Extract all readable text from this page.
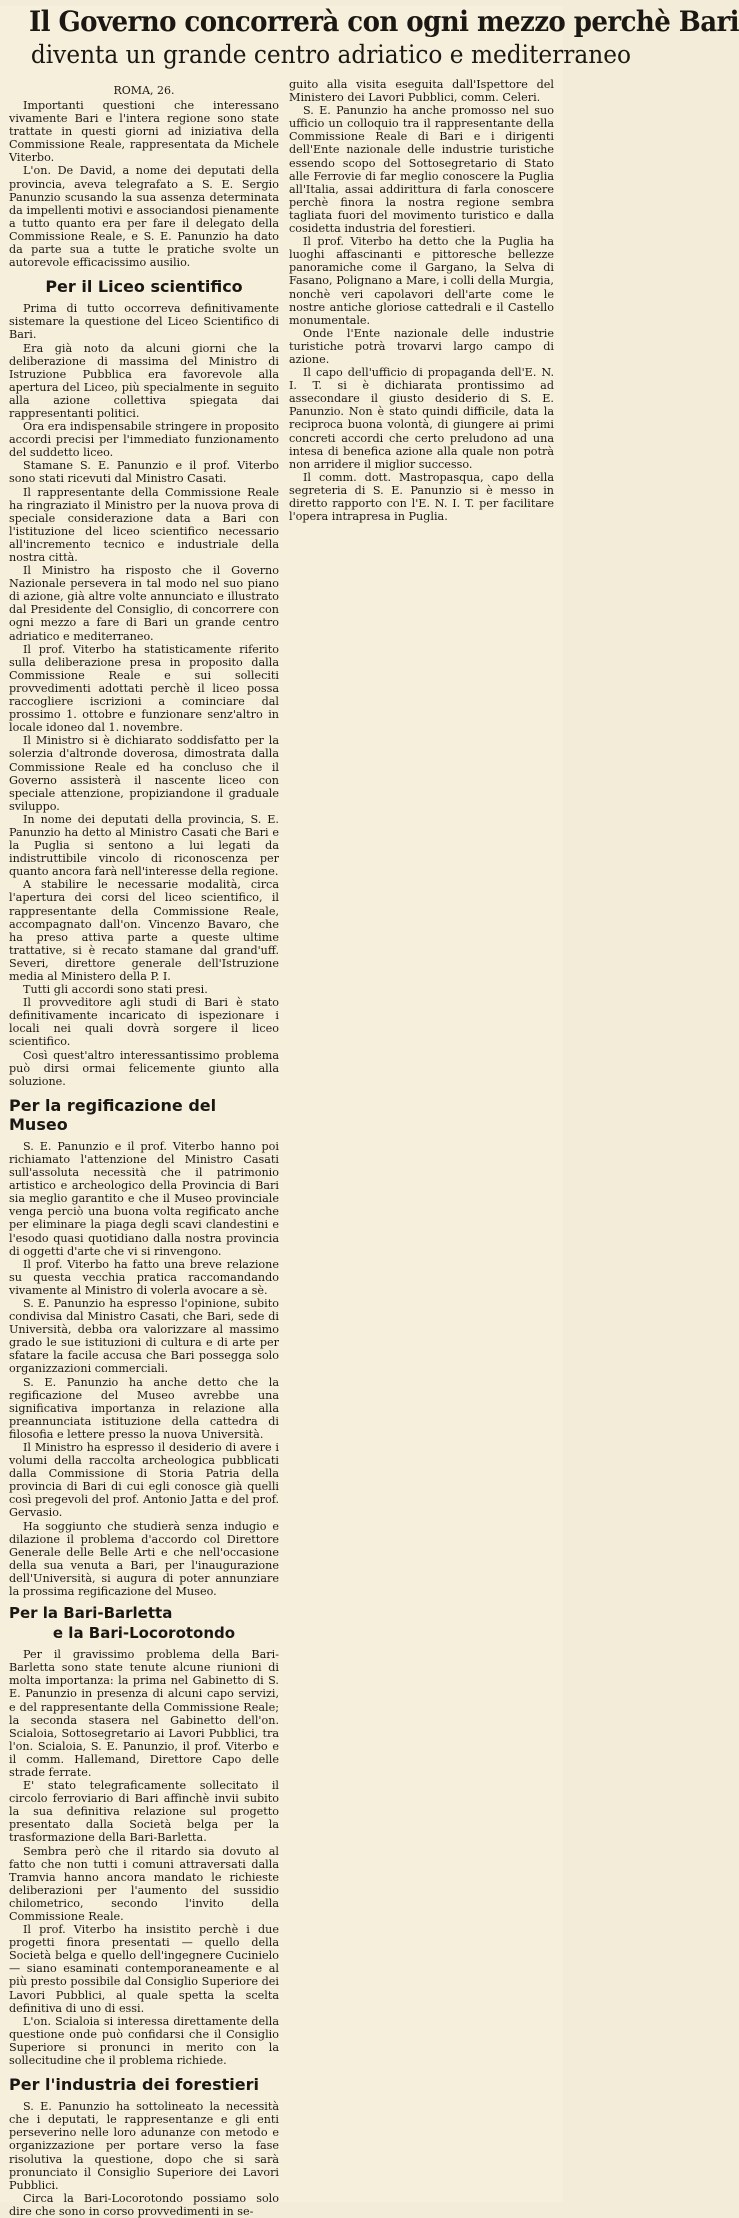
Il Governo concorrerà con ogni mezzo perchè Bari
diventa un grande centro adriatico e mediterraneo
ROMA, 26.

Importanti questioni che interessano vivamente Bari e l'intera regione sono state trattate in questi giorni ad iniziativa della Commissione Reale, rappresentata da Michele Viterbo.

L'on. De David, a nome dei deputati della provincia, aveva telegrafato a S. E. Sergio Panunzio scusando la sua assenza determinata da impellenti motivi e associandosi pienamente a tutto quanto era per fare il delegato della Commissione Reale, e S. E. Panunzio ha dato da parte sua a tutte le pratiche svolte un autorevole efficacissimo ausilio.

Per il Liceo scientifico

Prima di tutto occorreva definitivamente sistemare la questione del Liceo Scientifico di Bari.

Era già noto da alcuni giorni che la deliberazione di massima del Ministro di Istruzione Pubblica era favorevole alla apertura del Liceo, più specialmente in seguito alla azione collettiva spiegata dai rappresentanti politici.

Ora era indispensabile stringere in proposito accordi precisi per l'immediato funzionamento del suddetto liceo.

Stamane S. E. Panunzio e il prof. Viterbo sono stati ricevuti dal Ministro Casati.

Il rappresentante della Commissione Reale ha ringraziato il Ministro per la nuova prova di speciale considerazione data a Bari con l'istituzione del liceo scientifico necessario all'incremento tecnico e industriale della nostra città.

Il Ministro ha risposto che il Governo Nazionale persevera in tal modo nel suo piano di azione, già altre volte annunciato e illustrato dal Presidente del Consiglio, di concorrere con ogni mezzo a fare di Bari un grande centro adriatico e mediterraneo.

Il prof. Viterbo ha statisticamente riferito sulla deliberazione presa in proposito dalla Commissione Reale e sui solleciti provvedimenti adottati perchè il liceo possa raccogliere iscrizioni a cominciare dal prossimo 1. ottobre e funzionare senz'altro in locale idoneo dal 1. novembre.

Il Ministro si è dichiarato soddisfatto per la solerzia d'altronde doverosa, dimostrata dalla Commissione Reale ed ha concluso che il Governo assisterà il nascente liceo con speciale attenzione, propiziandone il graduale sviluppo.

In nome dei deputati della provincia, S. E. Panunzio ha detto al Ministro Casati che Bari e la Puglia si sentono a lui legati da indistruttibile vincolo di riconoscenza per quanto ancora farà nell'interesse della regione.

A stabilire le necessarie modalità, circa l'apertura dei corsi del liceo scientifico, il rappresentante della Commissione Reale, accompagnato dall'on. Vincenzo Bavaro, che ha preso attiva parte a queste ultime trattative, si è recato stamane dal grand'uff. Severi, direttore generale dell'Istruzione media al Ministero della P. I.

Tutti gli accordi sono stati presi.

Il provveditore agli studi di Bari è stato definitivamente incaricato di ispezionare i locali nei quali dovrà sorgere il liceo scientifico.

Così quest'altro interessantissimo problema può dirsi ormai felicemente giunto alla soluzione.

Per la regificazione del Museo

S. E. Panunzio e il prof. Viterbo hanno poi richiamato l'attenzione del Ministro Casati sull'assoluta necessità che il patrimonio artistico e archeologico della Provincia di Bari sia meglio garantito e che il Museo provinciale venga perciò una buona volta regificato anche per eliminare la piaga degli scavi clandestini e l'esodo quasi quotidiano dalla nostra provincia di oggetti d'arte che vi si rinvengono.

Il prof. Viterbo ha fatto una breve relazione su questa vecchia pratica raccomandando vivamente al Ministro di volerla avocare a sè.

S. E. Panunzio ha espresso l'opinione, subito condivisa dal Ministro Casati, che Bari, sede di Università, debba ora valorizzare al massimo grado le sue istituzioni di cultura e di arte per sfatare la facile accusa che Bari possegga solo organizzazioni commerciali.

S. E. Panunzio ha anche detto che la regificazione del Museo avrebbe una significativa importanza in relazione alla preannunciata istituzione della cattedra di filosofia e lettere presso la nuova Università.

Il Ministro ha espresso il desiderio di avere i volumi della raccolta archeologica pubblicati dalla Commissione di Storia Patria della provincia di Bari di cui egli conosce già quelli così pregevoli del prof. Antonio Jatta e del prof. Gervasio.

Ha soggiunto che studierà senza indugio e dilazione il problema d'accordo col Direttore Generale delle Belle Arti e che nell'occasione della sua venuta a Bari, per l'inaugurazione dell'Università, si augura di poter annunziare la prossima regificazione del Museo.

Per la Bari-Barletta
e la Bari-Locorotondo

Per il gravissimo problema della Bari-Barletta sono state tenute alcune riunioni di molta importanza: la prima nel Gabinetto di S. E. Panunzio in presenza di alcuni capo servizi, e del rappresentante della Commissione Reale; la seconda stasera nel Gabinetto dell'on. Scialoia, Sottosegretario ai Lavori Pubblici, tra l'on. Scialoia, S. E. Panunzio, il prof. Viterbo e il comm. Hallemand, Direttore Capo delle strade ferrate.

E' stato telegraficamente sollecitato il circolo ferroviario di Bari affinchè invii subito la sua definitiva relazione sul progetto presentato dalla Società belga per la trasformazione della Bari-Barletta.

Sembra però che il ritardo sia dovuto al fatto che non tutti i comuni attraversati dalla Tramvia hanno ancora mandato le richieste deliberazioni per l'aumento del sussidio chilometrico, secondo l'invito della Commissione Reale.

Il prof. Viterbo ha insistito perchè i due progetti finora presentati — quello della Società belga e quello dell'ingegnere Cucinielo — siano esaminati contemporaneamente e al più presto possibile dal Consiglio Superiore dei Lavori Pubblici, al quale spetta la scelta definitiva di uno di essi.

L'on. Scialoia si interessa direttamente della questione onde può confidarsi che il Consiglio Superiore si pronunci in merito con la sollecitudine che il problema richiede.

Per l'industria dei forestieri

S. E. Panunzio ha sottolineato la necessità che i deputati, le rappresentanze e gli enti perseverino nelle loro adunanze con metodo e organizzazione per portare verso la fase risolutiva la questione, dopo che si sarà pronunciato il Consiglio Superiore dei Lavori Pubblici.

Circa la Bari-Locorotondo possiamo solo dire che sono in corso provvedimenti in se-

guito alla visita eseguita dall'Ispettore del Ministero dei Lavori Pubblici, comm. Celeri.

S. E. Panunzio ha anche promosso nel suo ufficio un colloquio tra il rappresentante della Commissione Reale di Bari e i dirigenti dell'Ente nazionale delle industrie turistiche essendo scopo del Sottosegretario di Stato alle Ferrovie di far meglio conoscere la Puglia all'Italia, assai addirittura di farla conoscere perchè finora la nostra regione sembra tagliata fuori del movimento turistico e dalla cosidetta industria del forestieri.

Il prof. Viterbo ha detto che la Puglia ha luoghi affascinanti e pittoresche bellezze panoramiche come il Gargano, la Selva di Fasano, Polignano a Mare, i colli della Murgia, nonchè veri capolavori dell'arte come le nostre antiche gloriose cattedrali e il Castello monumentale.

Onde l'Ente nazionale delle industrie turistiche potrà trovarvi largo campo di azione.

Il capo dell'ufficio di propaganda dell'E. N. I. T. si è dichiarata prontissimo ad assecondare il giusto desiderio di S. E. Panunzio. Non è stato quindi difficile, data la reciproca buona volontà, di giungere ai primi concreti accordi che certo preludono ad una intesa di benefica azione alla quale non potrà non arridere il miglior successo.

Il comm. dott. Mastropasqua, capo della segreteria di S. E. Panunzio si è messo in diretto rapporto con l'E. N. I. T. per facilitare l'opera intrapresa in Puglia.
